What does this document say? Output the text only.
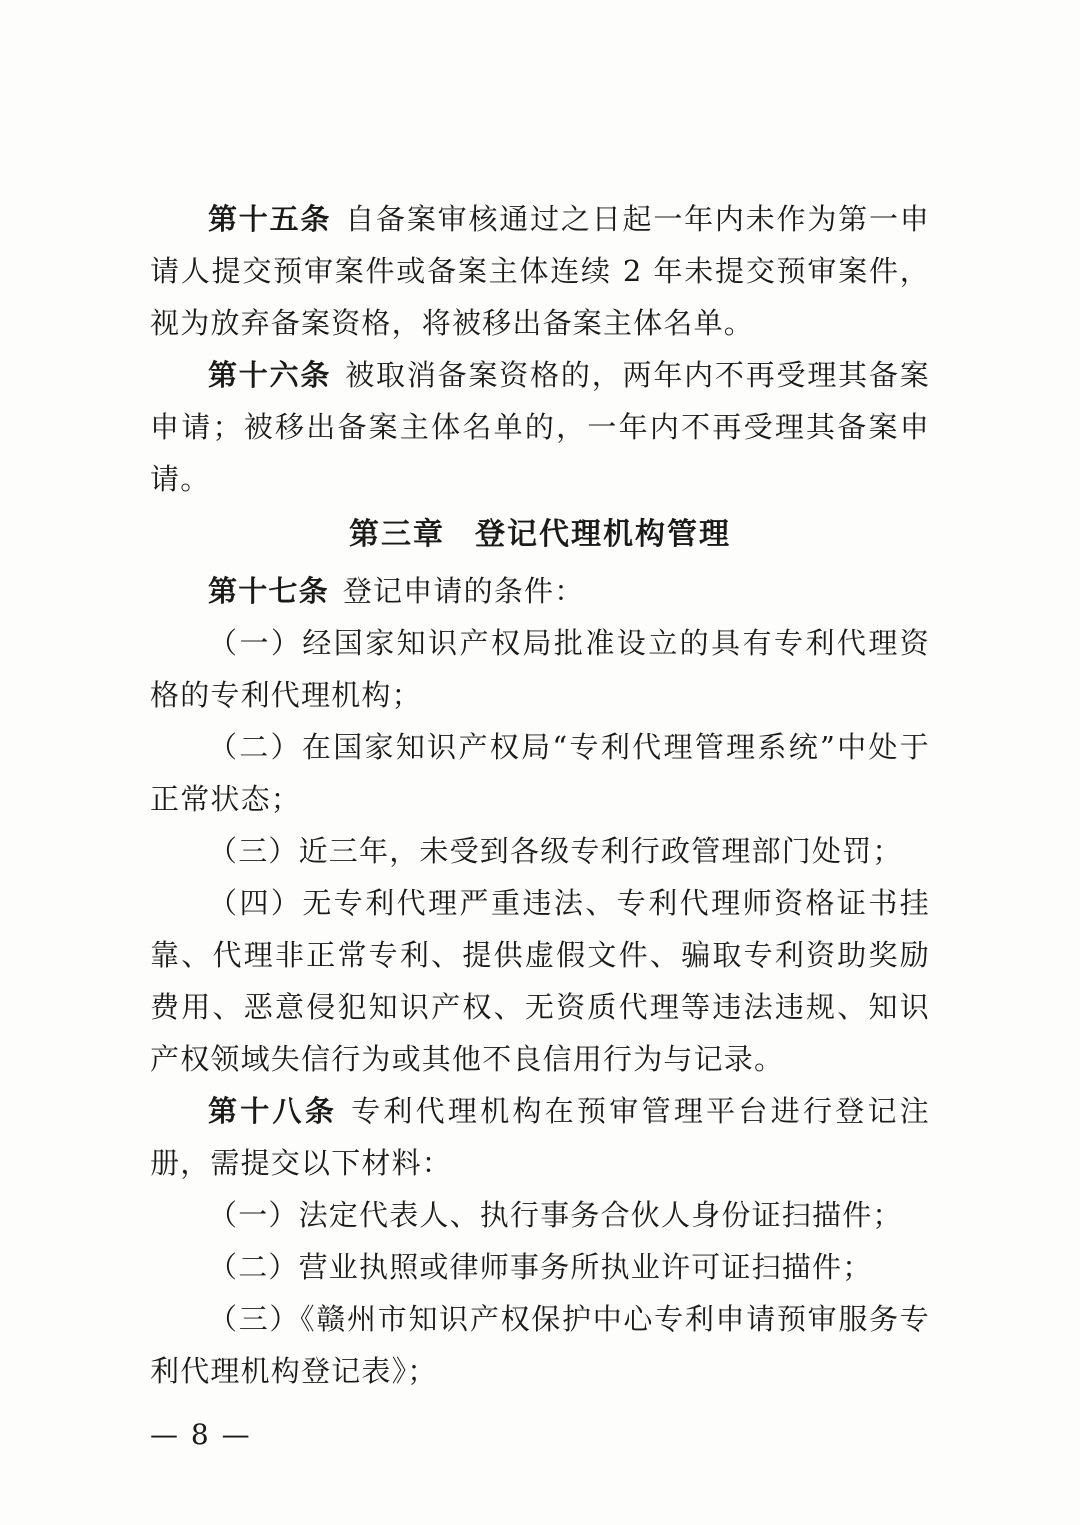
第十五条 自备案审核通过之日起一年内未作为第一申请人提交预审案件或备案主体连续 2 年未提交预审案件，视为放弃备案资格，将被移出备案主体名单。

第十六条 被取消备案资格的，两年内不再受理其备案申请；被移出备案主体名单的，一年内不再受理其备案申请。

第三章 登记代理机构管理

第十七条 登记申请的条件：

（一）经国家知识产权局批准设立的具有专利代理资格的专利代理机构；

（二）在国家知识产权局“专利代理管理系统”中处于正常状态；

（三）近三年，未受到各级专利行政管理部门处罚；

（四）无专利代理严重违法、专利代理师资格证书挂靠、代理非正常专利、提供虚假文件、骗取专利资助奖励费用、恶意侵犯知识产权、无资质代理等违法违规、知识产权领域失信行为或其他不良信用行为与记录。

第十八条 专利代理机构在预审管理平台进行登记注册，需提交以下材料：

（一）法定代表人、执行事务合伙人身份证扫描件；

（二）营业执照或律师事务所执业许可证扫描件；

（三）《赣州市知识产权保护中心专利申请预审服务专利代理机构登记表》；

— 8 —
